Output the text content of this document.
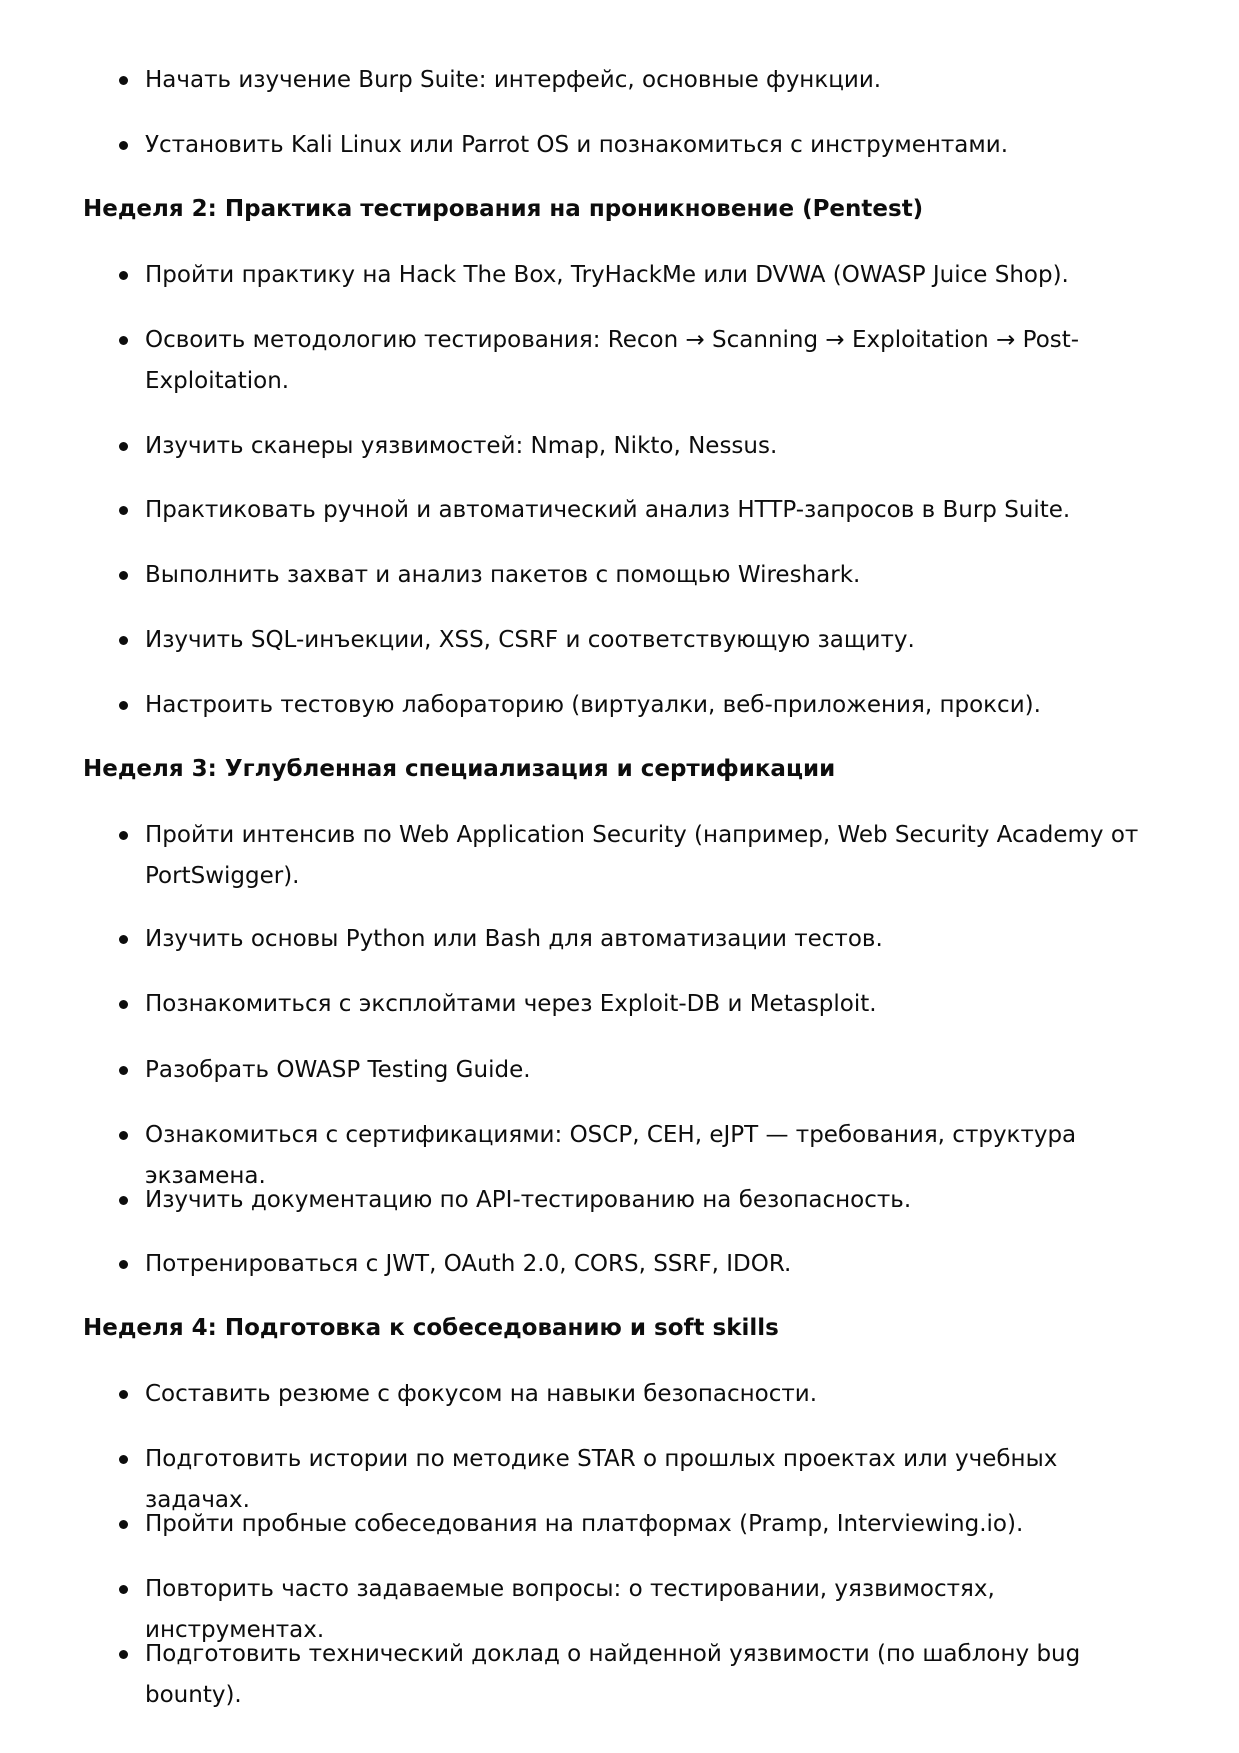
Начать изучение Burp Suite: интерфейс, основные функции.
Установить Kali Linux или Parrot OS и познакомиться с инструментами.
Неделя 2: Практика тестирования на проникновение (Pentest)
Пройти практику на Hack The Box, TryHackMe или DVWA (OWASP Juice Shop).
Освоить методологию тестирования: Recon → Scanning → Exploitation → Post-Exploitation.
Изучить сканеры уязвимостей: Nmap, Nikto, Nessus.
Практиковать ручной и автоматический анализ HTTP-запросов в Burp Suite.
Выполнить захват и анализ пакетов с помощью Wireshark.
Изучить SQL-инъекции, XSS, CSRF и соответствующую защиту.
Настроить тестовую лабораторию (виртуалки, веб-приложения, прокси).
Неделя 3: Углубленная специализация и сертификации
Пройти интенсив по Web Application Security (например, Web Security Academy от PortSwigger).
Изучить основы Python или Bash для автоматизации тестов.
Познакомиться с эксплойтами через Exploit-DB и Metasploit.
Разобрать OWASP Testing Guide.
Ознакомиться с сертификациями: OSCP, CEH, eJPT — требования, структура экзамена.
Изучить документацию по API-тестированию на безопасность.
Потренироваться с JWT, OAuth 2.0, CORS, SSRF, IDOR.
Неделя 4: Подготовка к собеседованию и soft skills
Составить резюме с фокусом на навыки безопасности.
Подготовить истории по методике STAR о прошлых проектах или учебных задачах.
Пройти пробные собеседования на платформах (Pramp, Interviewing.io).
Повторить часто задаваемые вопросы: о тестировании, уязвимостях, инструментах.
Подготовить технический доклад о найденной уязвимости (по шаблону bug bounty).
